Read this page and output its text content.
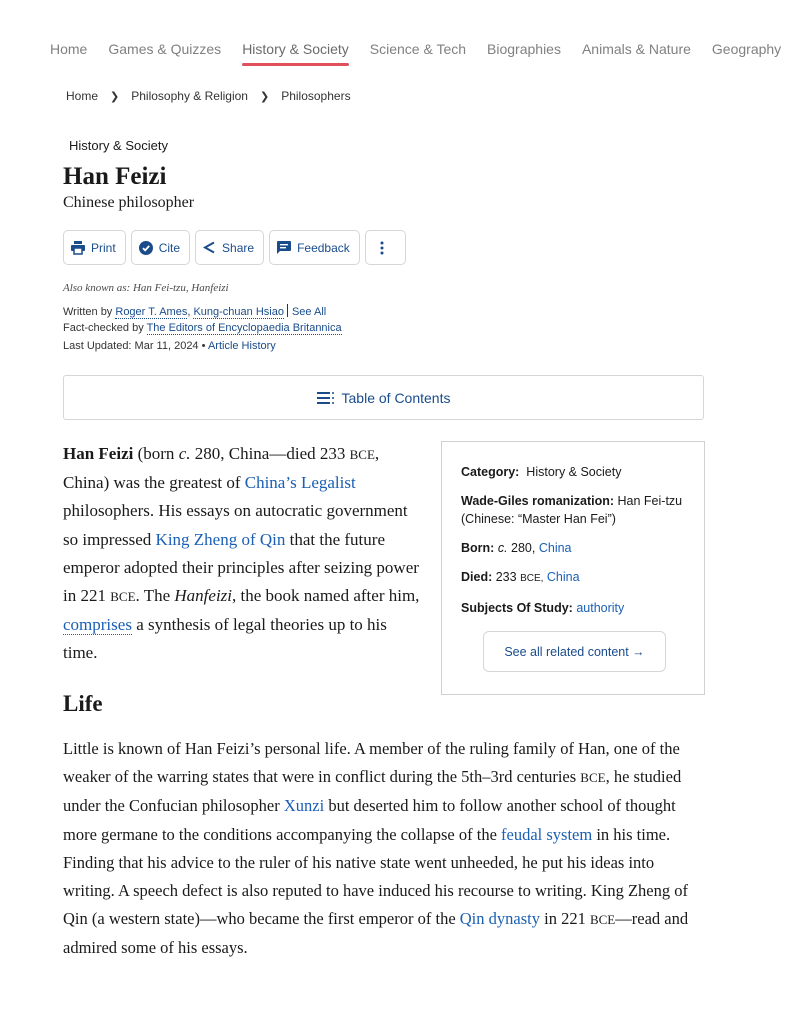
Home Games & Quizzes History & Society Science & Tech Biographies Animals & Nature Geography
Home ❯ Philosophy & Religion ❯ Philosophers
History & Society
Han Feizi
Chinese philosopher
Print	Cite	Share	Feedback
Also known as: Han Fei-tzu, Hanfeizi
Written by Roger T. Ames, Kung-chuan Hsiao See All
Fact-checked by The Editors of Encyclopaedia Britannica
Last Updated: Mar 11, 2024 • Article History
Table of Contents

Han Feizi (born c. 280, China—died 233 BCE, China) was the greatest of China’s Legalist philosophers. His essays on autocratic government so impressed King Zheng of Qin that the future emperor adopted their principles after seizing power in 221 BCE. The Hanfeizi, the book named after him, comprises a synthesis of legal theories up to his time.

Category: History & Society
Wade-Giles romanization: Han Fei-tzu (Chinese: “Master Han Fei”)
Born: c. 280, China
Died: 233 BCE, China
Subjects Of Study: authority
See all related content →
Life

Little is known of Han Feizi’s personal life. A member of the ruling family of Han, one of the weaker of the warring states that were in conflict during the 5th–3rd centuries BCE, he studied under the Confucian philosopher Xunzi but deserted him to follow another school of thought more germane to the conditions accompanying the collapse of the feudal system in his time. Finding that his advice to the ruler of his native state went unheeded, he put his ideas into writing. A speech defect is also reputed to have induced his recourse to writing. King Zheng of Qin (a western state)—who became the first emperor of the Qin dynasty in 221 BCE—read and admired some of his essays.
